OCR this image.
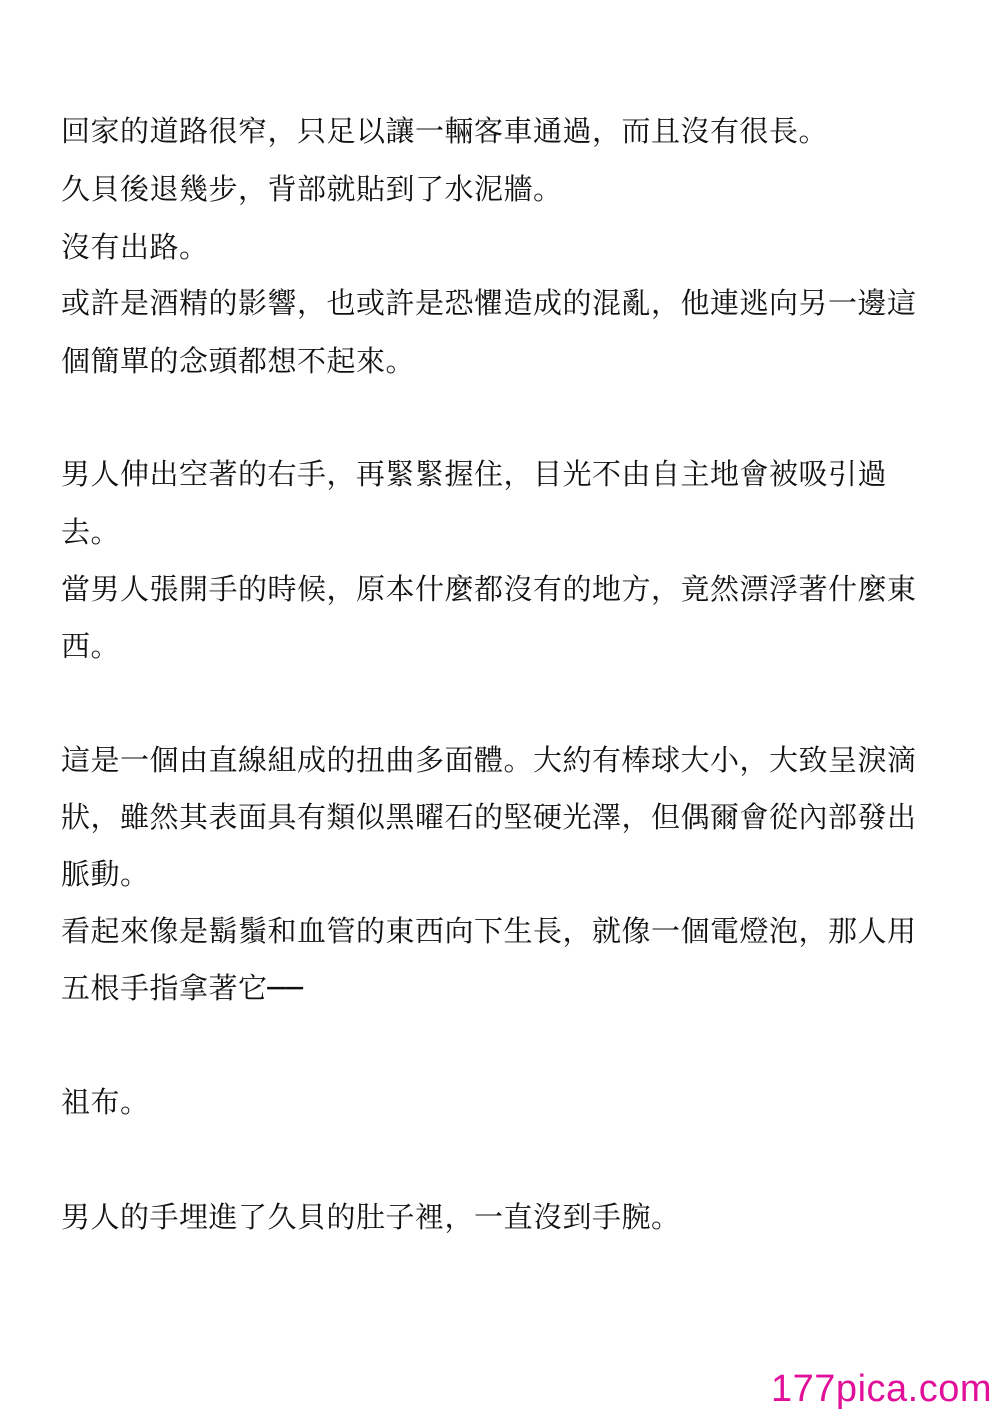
回家的道路很窄，只足以讓一輛客車通過，而且沒有很長。
久貝後退幾步，背部就貼到了水泥牆。
沒有出路。
或許是酒精的影響，也或許是恐懼造成的混亂，他連逃向另一邊這
個簡單的念頭都想不起來。
男人伸出空著的右手，再緊緊握住，目光不由自主地會被吸引過
去。
當男人張開手的時候，原本什麼都沒有的地方，竟然漂浮著什麼東
西。
這是一個由直線組成的扭曲多面體。大約有棒球大小，大致呈淚滴
狀，雖然其表面具有類似黑曜石的堅硬光澤，但偶爾會從內部發出
脈動。
看起來像是鬍鬚和血管的東西向下生長，就像一個電燈泡，那人用
五根手指拿著它──
祖布。
男人的手埋進了久貝的肚子裡，一直沒到手腕。
177pica.com
